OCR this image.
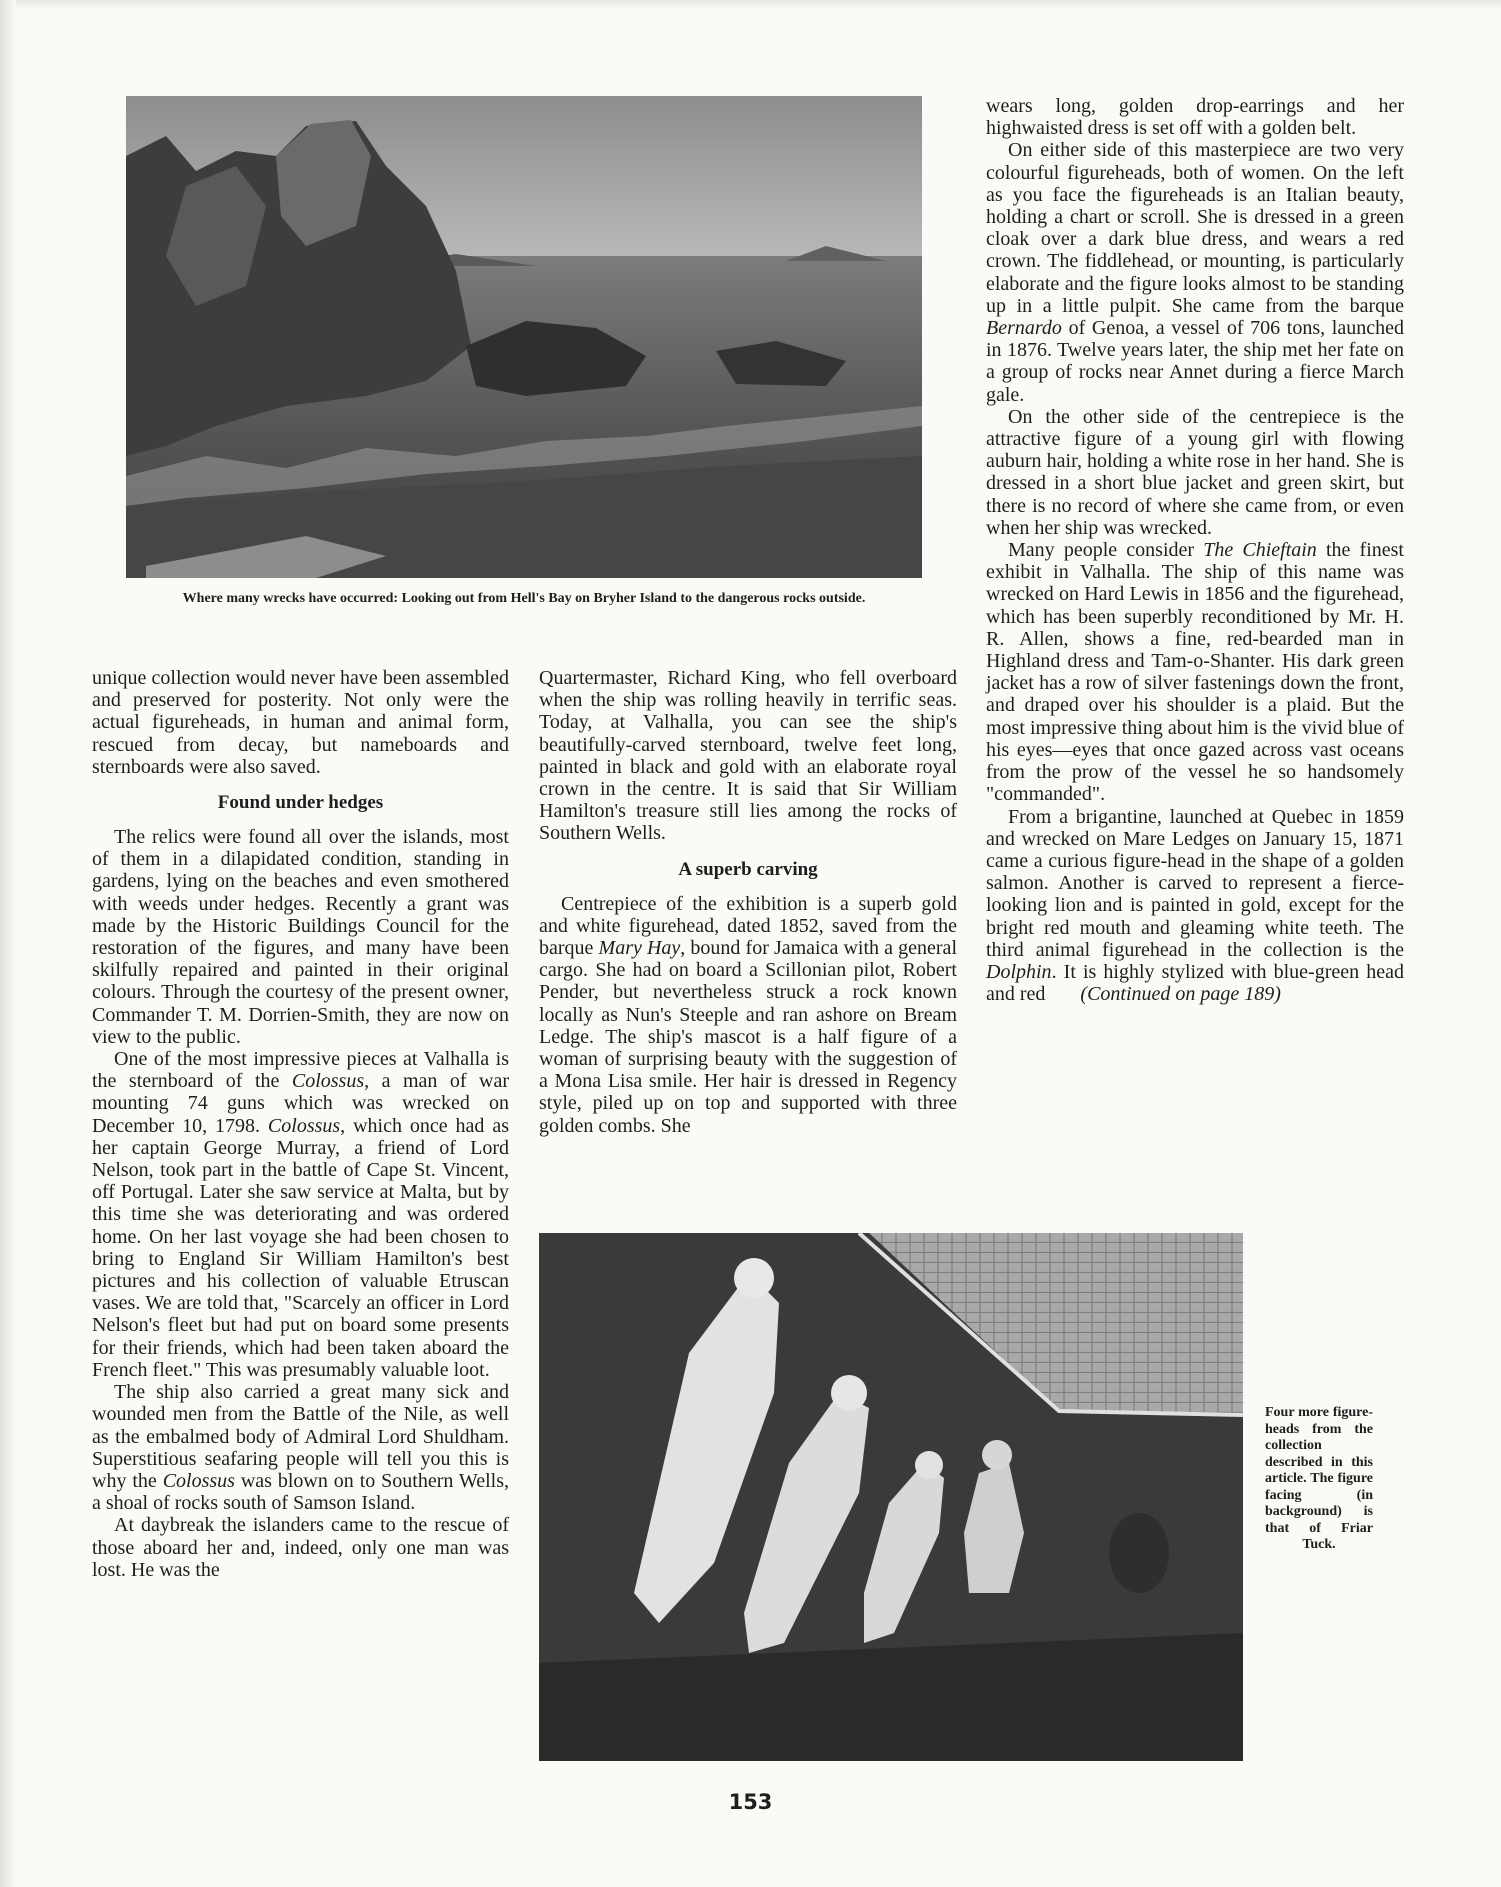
Where many wrecks have occurred: Looking out from Hell's Bay on Bryher Island to the dangerous rocks outside.

unique collection would never have been assembled and preserved for posterity. Not only were the actual figureheads, in human and animal form, rescued from decay, but nameboards and sternboards were also saved.

Found under hedges

The relics were found all over the islands, most of them in a dilapidated condition, standing in gardens, lying on the beaches and even smothered with weeds under hedges. Recently a grant was made by the Historic Buildings Council for the restoration of the figures, and many have been skilfully repaired and painted in their original colours. Through the courtesy of the present owner, Commander T. M. Dorrien-Smith, they are now on view to the public.

One of the most impressive pieces at Valhalla is the sternboard of the Colossus, a man of war mounting 74 guns which was wrecked on December 10, 1798. Colossus, which once had as her captain George Murray, a friend of Lord Nelson, took part in the battle of Cape St. Vincent, off Portugal. Later she saw service at Malta, but by this time she was deteriorating and was ordered home. On her last voyage she had been chosen to bring to England Sir William Hamilton's best pictures and his collection of valuable Etruscan vases. We are told that, "Scarcely an officer in Lord Nelson's fleet but had put on board some presents for their friends, which had been taken aboard the French fleet." This was presumably valuable loot.

The ship also carried a great many sick and wounded men from the Battle of the Nile, as well as the embalmed body of Admiral Lord Shuldham. Superstitious seafaring people will tell you this is why the Colossus was blown on to Southern Wells, a shoal of rocks south of Samson Island.

At daybreak the islanders came to the rescue of those aboard her and, indeed, only one man was lost. He was the

Quartermaster, Richard King, who fell overboard when the ship was rolling heavily in terrific seas. Today, at Valhalla, you can see the ship's beautifully-carved sternboard, twelve feet long, painted in black and gold with an elaborate royal crown in the centre. It is said that Sir William Hamilton's treasure still lies among the rocks of Southern Wells.

A superb carving

Centrepiece of the exhibition is a superb gold and white figurehead, dated 1852, saved from the barque Mary Hay, bound for Jamaica with a general cargo. She had on board a Scillonian pilot, Robert Pender, but nevertheless struck a rock known locally as Nun's Steeple and ran ashore on Bream Ledge. The ship's mascot is a half figure of a woman of surprising beauty with the suggestion of a Mona Lisa smile. Her hair is dressed in Regency style, piled up on top and supported with three golden combs. She

wears long, golden drop-earrings and her highwaisted dress is set off with a golden belt.

On either side of this masterpiece are two very colourful figureheads, both of women. On the left as you face the figureheads is an Italian beauty, holding a chart or scroll. She is dressed in a green cloak over a dark blue dress, and wears a red crown. The fiddlehead, or mounting, is particularly elaborate and the figure looks almost to be standing up in a little pulpit. She came from the barque Bernardo of Genoa, a vessel of 706 tons, launched in 1876. Twelve years later, the ship met her fate on a group of rocks near Annet during a fierce March gale.

On the other side of the centrepiece is the attractive figure of a young girl with flowing auburn hair, holding a white rose in her hand. She is dressed in a short blue jacket and green skirt, but there is no record of where she came from, or even when her ship was wrecked.

Many people consider The Chieftain the finest exhibit in Valhalla. The ship of this name was wrecked on Hard Lewis in 1856 and the figurehead, which has been superbly reconditioned by Mr. H. R. Allen, shows a fine, red-bearded man in Highland dress and Tam-o-Shanter. His dark green jacket has a row of silver fastenings down the front, and draped over his shoulder is a plaid. But the most impressive thing about him is the vivid blue of his eyes—eyes that once gazed across vast oceans from the prow of the vessel he so handsomely "commanded".

From a brigantine, launched at Quebec in 1859 and wrecked on Mare Ledges on January 15, 1871 came a curious figure-head in the shape of a golden salmon. Another is carved to represent a fierce-looking lion and is painted in gold, except for the bright red mouth and gleaming white teeth. The third animal figurehead in the collection is the Dolphin. It is highly stylized with blue-green head and red (Continued on page 189)

Four more figure-heads from the collection described in this article. The figure facing (in background) is that of Friar Tuck.
153
